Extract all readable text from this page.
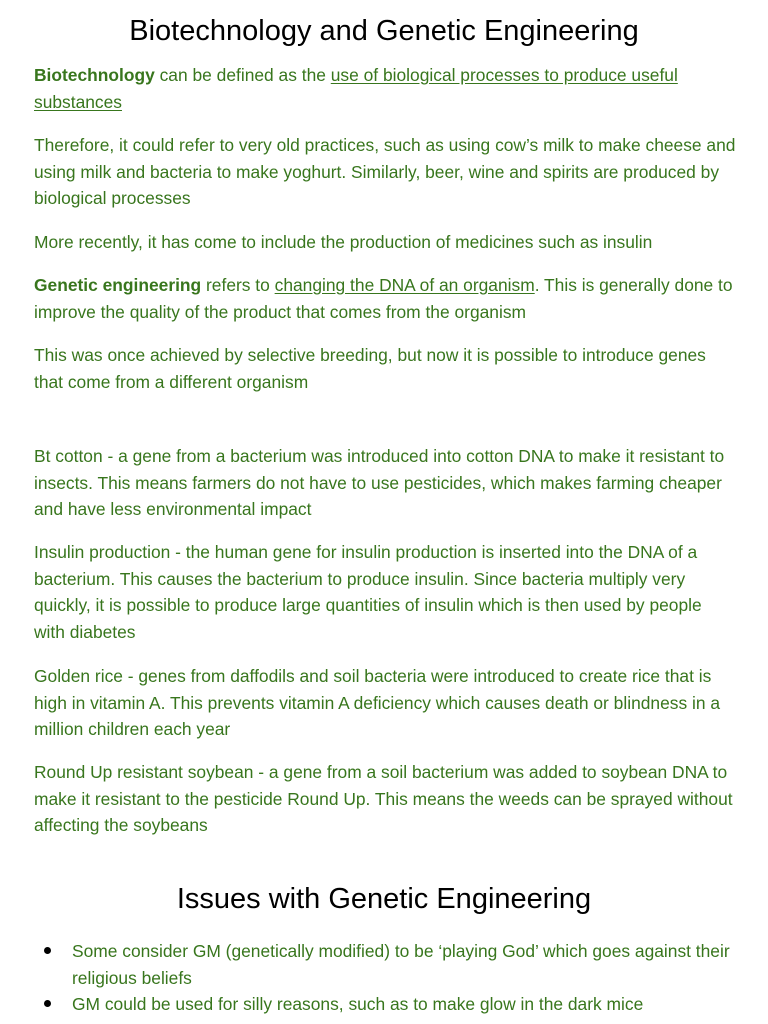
Biotechnology and Genetic Engineering

Biotechnology can be defined as the use of biological processes to produce useful substances

Therefore, it could refer to very old practices, such as using cow’s milk to make cheese and using milk and bacteria to make yoghurt. Similarly, beer, wine and spirits are produced by biological processes

More recently, it has come to include the production of medicines such as insulin

Genetic engineering refers to changing the DNA of an organism. This is generally done to improve the quality of the product that comes from the organism

This was once achieved by selective breeding, but now it is possible to introduce genes that come from a different organism

Bt cotton - a gene from a bacterium was introduced into cotton DNA to make it resistant to insects. This means farmers do not have to use pesticides, which makes farming cheaper and have less environmental impact

Insulin production - the human gene for insulin production is inserted into the DNA of a bacterium. This causes the bacterium to produce insulin. Since bacteria multiply very quickly, it is possible to produce large quantities of insulin which is then used by people with diabetes

Golden rice - genes from daffodils and soil bacteria were introduced to create rice that is high in vitamin A. This prevents vitamin A deficiency which causes death or blindness in a million children each year

Round Up resistant soybean - a gene from a soil bacterium was added to soybean DNA to make it resistant to the pesticide Round Up. This means the weeds can be sprayed without affecting the soybeans

Issues with Genetic Engineering
Some consider GM (genetically modified) to be ‘playing God’ which goes against their religious beliefs
GM could be used for silly reasons, such as to make glow in the dark mice
